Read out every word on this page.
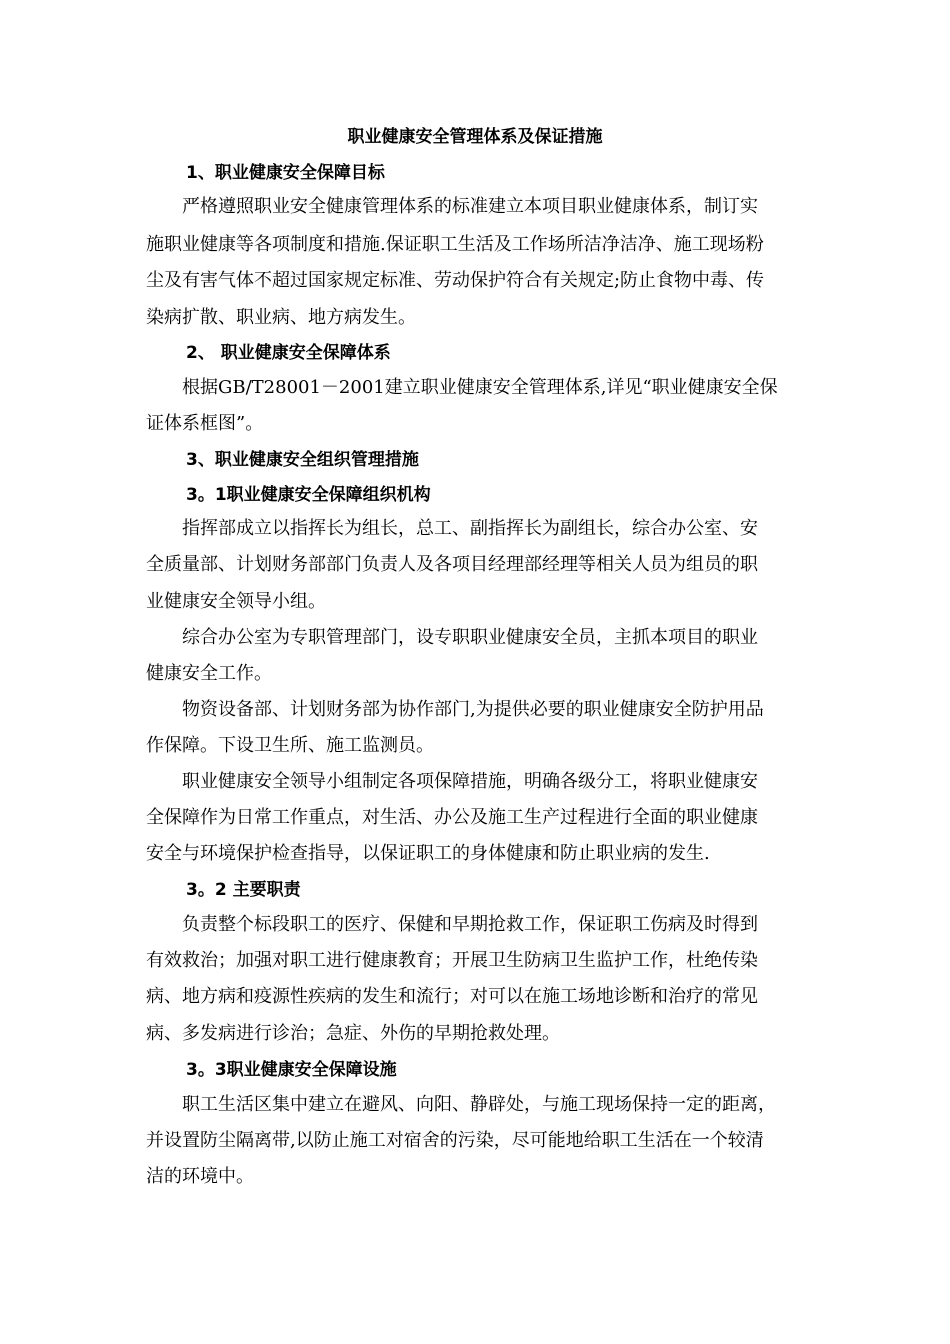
职业健康安全管理体系及保证措施
1、职业健康安全保障目标
严格遵照职业安全健康管理体系的标准建立本项目职业健康体系，制订实
施职业健康等各项制度和措施.保证职工生活及工作场所洁净洁净、施工现场粉
尘及有害气体不超过国家规定标准、劳动保护符合有关规定;防止食物中毒、传
染病扩散、职业病、地方病发生。
2、 职业健康安全保障体系
根据GB/T28001－2001建立职业健康安全管理体系,详见“职业健康安全保
证体系框图”。
3、职业健康安全组织管理措施
3。1职业健康安全保障组织机构
指挥部成立以指挥长为组长，总工、副指挥长为副组长，综合办公室、安
全质量部、计划财务部部门负责人及各项目经理部经理等相关人员为组员的职
业健康安全领导小组。
综合办公室为专职管理部门，设专职职业健康安全员，主抓本项目的职业
健康安全工作。
物资设备部、计划财务部为协作部门,为提供必要的职业健康安全防护用品
作保障。下设卫生所、施工监测员。
职业健康安全领导小组制定各项保障措施，明确各级分工，将职业健康安
全保障作为日常工作重点，对生活、办公及施工生产过程进行全面的职业健康
安全与环境保护检查指导，以保证职工的身体健康和防止职业病的发生.
3。2 主要职责
负责整个标段职工的医疗、保健和早期抢救工作，保证职工伤病及时得到
有效救治；加强对职工进行健康教育；开展卫生防病卫生监护工作，杜绝传染
病、地方病和疫源性疾病的发生和流行；对可以在施工场地诊断和治疗的常见
病、多发病进行诊治；急症、外伤的早期抢救处理。
3。3职业健康安全保障设施
职工生活区集中建立在避风、向阳、静辟处，与施工现场保持一定的距离，
并设置防尘隔离带,以防止施工对宿舍的污染，尽可能地给职工生活在一个较清
洁的环境中。
